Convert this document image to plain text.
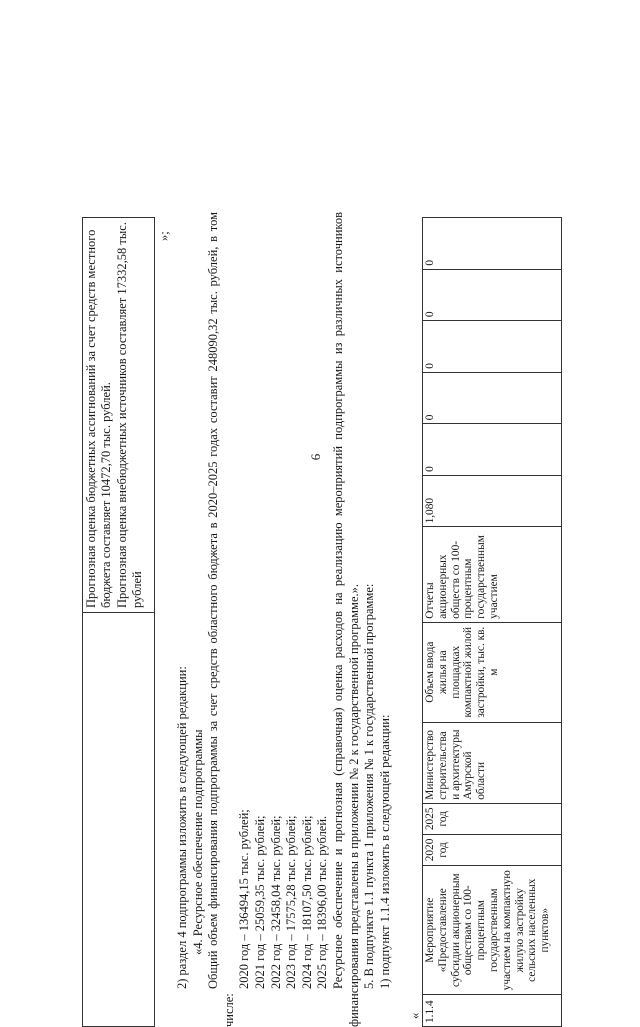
6

Прогнозная оценка бюджетных ассигнований за счет средств местного бюджета составляет 10472,70 тыс. рублей. Прогнозная оценка внебюджетных источников составляет 17332,58 тыс. рублей
»;

2) раздел 4 подпрограммы изложить в следующей редакции: «4. Ресурсное обеспечение подпрограммы Общий объем финансирования подпрограммы за счет средств областного бюджета в 2020–2025 годах составит 248090,32 тыс. рублей, в том числе:

2020 год – 136494,15 тыс. рублей; 2021 год – 25059,35 тыс. рублей; 2022 год – 32458,04 тыс. рублей; 2023 год – 17575,28 тыс. рублей; 2024 год – 18107,50 тыс. рублей; 2025 год – 18396,00 тыс. рублей. Ресурсное обеспечение и прогнозная (справочная) оценка расходов на реализацию мероприятий подпрограммы из различных источников финансирования представлены в приложении № 2 к государственной программе.». 5. В подпункте 1.1 пункта 1 приложения № 1 к государственной программе: 1) подпункт 1.1.4 изложить в следующей редакции:

1.1.4	Мероприятие «Предоставление субсидии акционерным обществам со 100-процентным государственным участием на компактную жилую застройку сельских населенных пунктов»	2020 год	2025 год	Министерство строительства и архитектуры Амурской области	Объем ввода жилья на площадках компактной жилой застройки, тыс. кв. м	Отчеты акционерных обществ со 100-процентным государственным участием	1,080	0	0	0	0	0
«
